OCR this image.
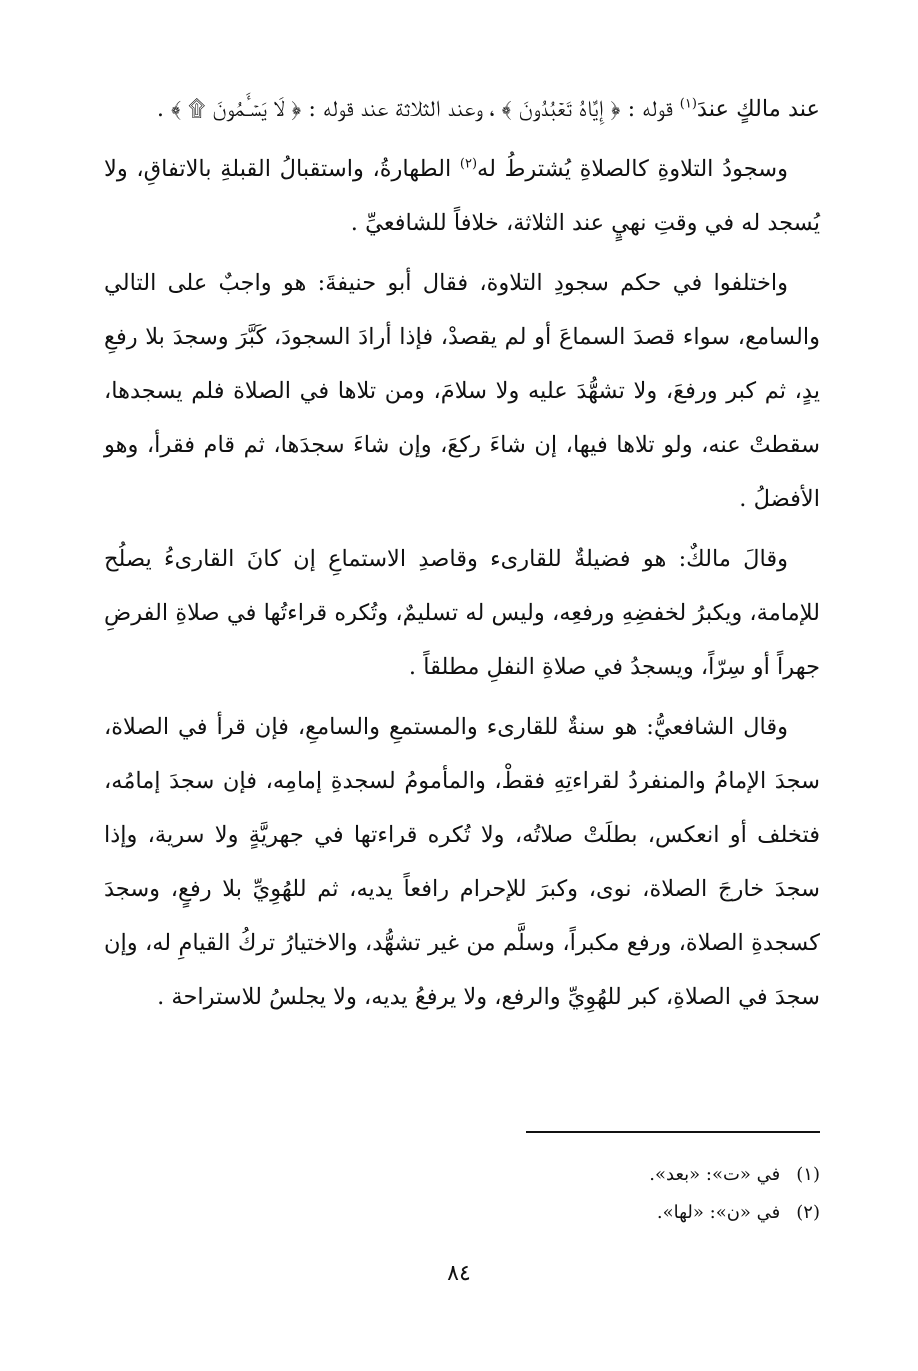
عند مالكٍ عندَ$^{(١)}$ قوله : ﴿ إِيَّاهُ تَعۡبُدُونَ ﴾ ، وعند الثلاثة عند قوله : ﴿ لَا يَسۡـَٔمُونَ ۩ ﴾ .

وسجودُ التلاوةِ كالصلاةِ يُشترطُ له$^{(٢)}$ الطهارةُ، واستقبالُ القبلةِ بالاتفاقِ، ولا يُسجد له في وقتِ نهيٍ عند الثلاثة، خلافاً للشافعيِّ .

واختلفوا في حكم سجودِ التلاوة، فقال أبو حنيفةَ: هو واجبٌ على التالي والسامع، سواء قصدَ السماعَ أو لم يقصدْ، فإذا أرادَ السجودَ، كَبَّرَ وسجدَ بلا رفعِ يدٍ، ثم كبر ورفعَ، ولا تشهُّدَ عليه ولا سلامَ، ومن تلاها في الصلاة فلم يسجدها، سقطتْ عنه، ولو تلاها فيها، إن شاءَ ركعَ، وإن شاءَ سجدَها، ثم قام فقرأ، وهو الأفضلُ .

وقالَ مالكٌ: هو فضيلةٌ للقارىء وقاصدِ الاستماعِ إن كانَ القارىءُ يصلُح للإمامة، ويكبرُ لخفضِهِ ورفعِه، وليس له تسليمٌ، وتُكره قراءتُها في صلاةِ الفرضِ جهراً أو سِرّاً، ويسجدُ في صلاةِ النفلِ مطلقاً .

وقال الشافعيُّ: هو سنةٌ للقارىء والمستمعِ والسامعِ، فإن قرأ في الصلاة، سجدَ الإمامُ والمنفردُ لقراءتِهِ فقطْ، والمأمومُ لسجدةِ إمامِه، فإن سجدَ إمامُه، فتخلف أو انعكس، بطلَتْ صلاتُه، ولا تُكره قراءتها في جهريَّةٍ ولا سرية، وإذا سجدَ خارجَ الصلاة، نوى، وكبرَ للإحرام رافعاً يديه، ثم للهُوِيِّ بلا رفعٍ، وسجدَ كسجدةِ الصلاة، ورفع مكبراً، وسلَّم من غير تشهُّد، والاختيارُ تركُ القيامِ له، وإن سجدَ في الصلاةِ، كبر للهُوِيِّ والرفع، ولا يرفعُ يديه، ولا يجلسُ للاستراحة .

(١) في «ت»: «بعد».
(٢) في «ن»: «لها».
٨٤
